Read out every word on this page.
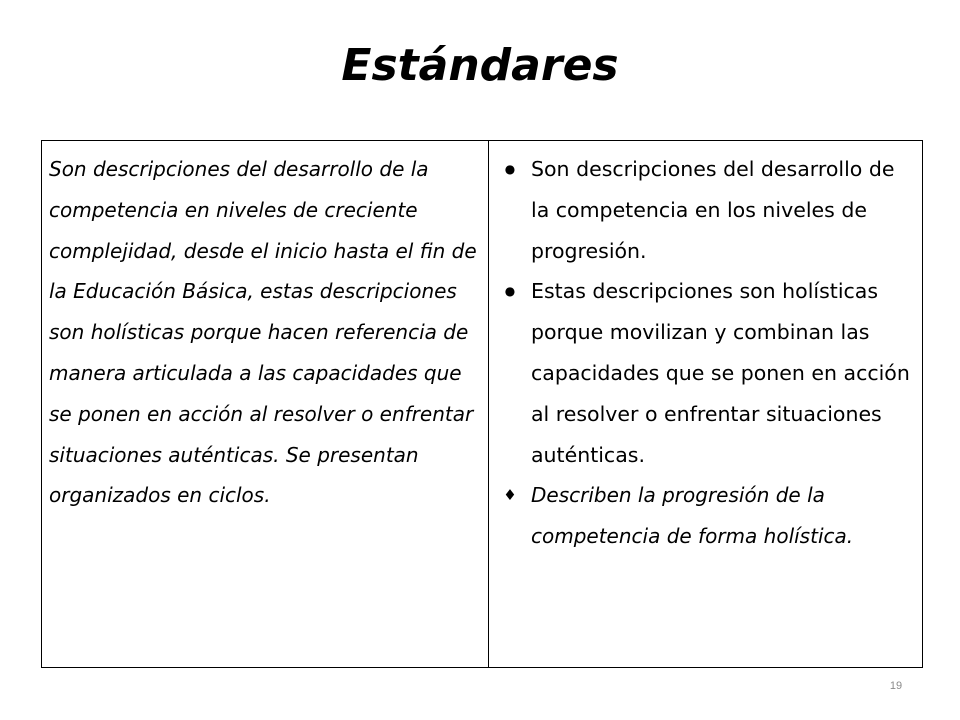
Estándares

Son descripciones del desarrollo de la competencia en niveles de creciente complejidad, desde el inicio hasta el fin de la Educación Básica, estas descripciones son holísticas porque hacen referencia de manera articulada a las capacidades que se ponen en acción al resolver o enfrentar situaciones auténticas. Se presentan organizados en ciclos.

● Son descripciones del desarrollo de la competencia en los niveles de progresión.

● Estas descripciones son holísticas porque movilizan y combinan las capacidades que se ponen en acción al resolver o enfrentar situaciones auténticas.

♦ Describen la progresión de la competencia de forma holística.

19
